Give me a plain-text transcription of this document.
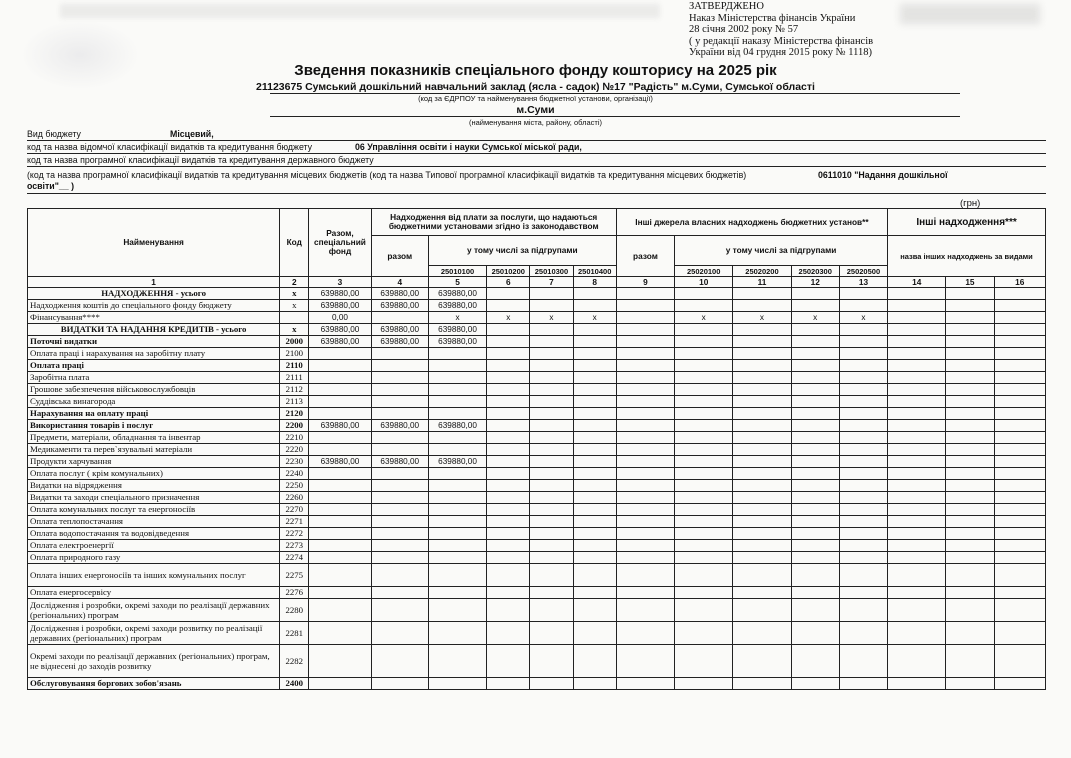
ЗАТВЕРДЖЕНО
Наказ Міністерства фінансів України
28 січня 2002 року № 57
( у редакції наказу Міністерства фінансів
України від 04 грудня 2015 року № 1118)
Зведення показників спеціального фонду кошторису на 2025 рік
21123675 Сумський дошкільний навчальний заклад (ясла - садок) №17 "Радість" м.Суми, Сумської області
(код за ЄДРПОУ та найменування бюджетної установи, організації)
м.Суми
(найменування міста, району, області)
Вид бюджету	Місцевий,
код та назва відомчої класифікації видатків та кредитування бюджету	06 Управління освіти і науки Сумської міської ради,
код та назва програмної класифікації видатків та кредитування державного бюджету
(код та назва програмної класифікації видатків та кредитування місцевих бюджетів (код та назва Типової програмної класифікації видатків та кредитування місцевих бюджетів)	0611010 "Надання дошкільної
освіти"__ )
(грн)
Найменування	Код	Разом, спеціальний фонд	Надходження від плати за послуги, що надаються бюджетними установами згідно із законодавством					Інші джерела власних надходжень бюджетних установ**					Інші надходження***		
			разом	у тому числі за підгрупами				разом	у тому числі за підгрупами				назва інших надходжень за видами		
				25010100	25010200	25010300	25010400		25020100	25020200	25020300	25020500			
1	2	3	4	5	6	7	8	9	10	11	12	13	14	15	16
НАДХОДЖЕННЯ - усього	x	639880,00	639880,00	639880,00											
Надходження коштів до спеціального фонду бюджету	x	639880,00	639880,00	639880,00											
Фінансування****		0,00		x	x	x	x		x	x	x	x			
ВИДАТКИ ТА НАДАННЯ КРЕДИТІВ - усього	x	639880,00	639880,00	639880,00											
Поточні видатки	2000	639880,00	639880,00	639880,00											
Оплата праці і нарахування на заробітну плату	2100														
Оплата праці	2110														
Заробітна плата	2111														
Грошове забезпечення військовослужбовців	2112														
Суддівська винагорода	2113														
Нарахування на оплату праці	2120														
Використання товарів і послуг	2200	639880,00	639880,00	639880,00											
Предмети, матеріали, обладнання та інвентар	2210														
Медикаменти та перев`язувальні матеріали	2220														
Продукти харчування	2230	639880,00	639880,00	639880,00											
Оплата послуг ( крім комунальних)	2240														
Видатки на відрядження	2250														
Видатки та заходи спеціального призначення	2260														
Оплата комунальних послуг та енергоносіїв	2270														
Оплата теплопостачання	2271														
Оплата водопостачання та водовідведення	2272														
Оплата електроенергії	2273														
Оплата природного газу	2274														
Оплата інших енергоносіїв та інших комунальних послуг	2275														
Оплата енергосервісу	2276														
Дослідження і розробки, окремі заходи по реалізації державних (регіональних) програм	2280														
Дослідження і розробки, окремі заходи розвитку по реалізації державних (регіональних) програм	2281														
Окремі заходи по реалізації державних (регіональних) програм, не віднесені до заходів розвитку	2282														
Обслуговування боргових зобов'язань	2400														
